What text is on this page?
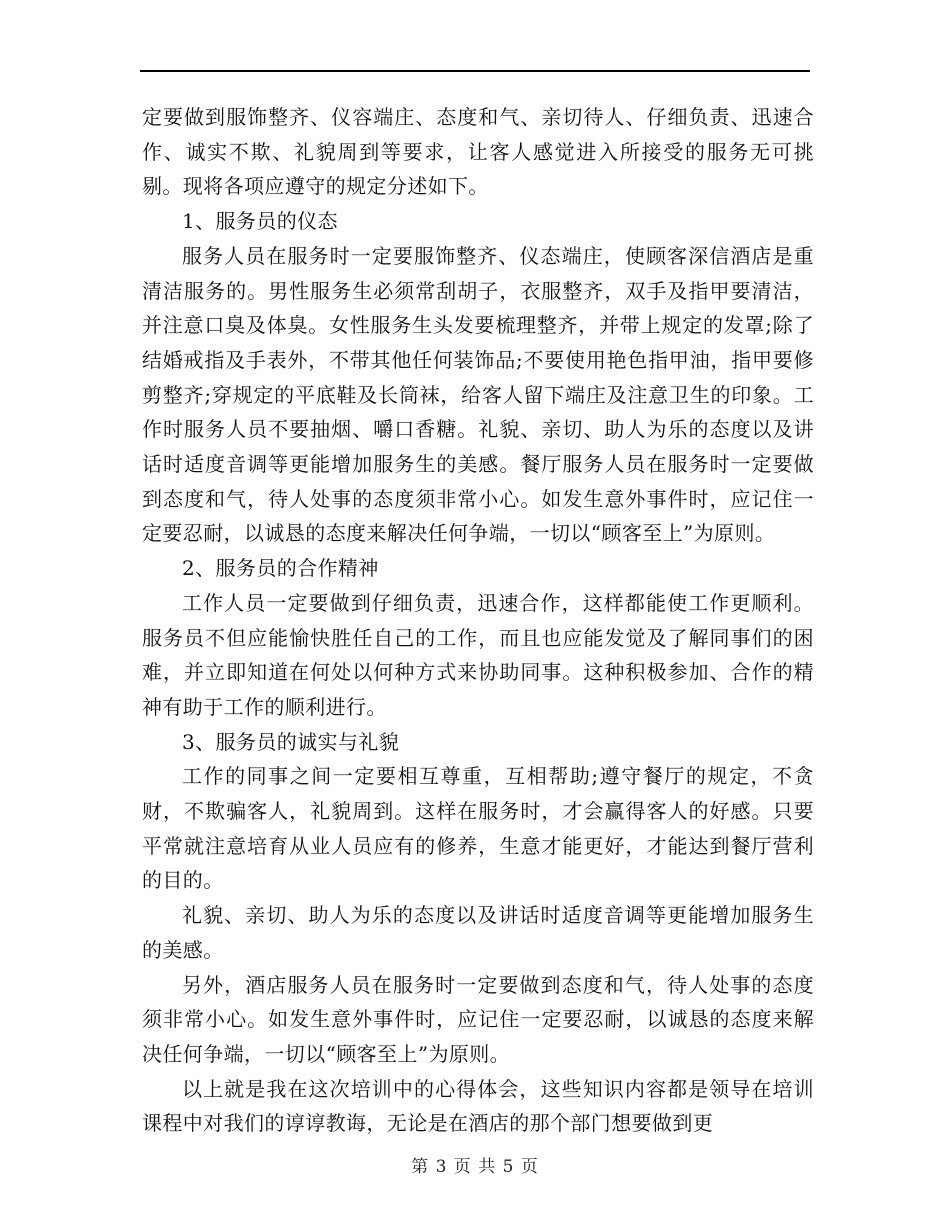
定要做到服饰整齐、仪容端庄、态度和气、亲切待人、仔细负责、迅速合作、诚实不欺、礼貌周到等要求，让客人感觉进入所接受的服务无可挑剔。现将各项应遵守的规定分述如下。

1、服务员的仪态

服务人员在服务时一定要服饰整齐、仪态端庄，使顾客深信酒店是重清洁服务的。男性服务生必须常刮胡子，衣服整齐，双手及指甲要清洁，并注意口臭及体臭。女性服务生头发要梳理整齐，并带上规定的发罩;除了结婚戒指及手表外，不带其他任何装饰品;不要使用艳色指甲油，指甲要修剪整齐;穿规定的平底鞋及长筒袜，给客人留下端庄及注意卫生的印象。工作时服务人员不要抽烟、嚼口香糖。礼貌、亲切、助人为乐的态度以及讲话时适度音调等更能增加服务生的美感。餐厅服务人员在服务时一定要做到态度和气，待人处事的态度须非常小心。如发生意外事件时，应记住一定要忍耐，以诚恳的态度来解决任何争端，一切以“顾客至上”为原则。

2、服务员的合作精神

工作人员一定要做到仔细负责，迅速合作，这样都能使工作更顺利。服务员不但应能愉快胜任自己的工作，而且也应能发觉及了解同事们的困难，并立即知道在何处以何种方式来协助同事。这种积极参加、合作的精神有助于工作的顺利进行。

3、服务员的诚实与礼貌

工作的同事之间一定要相互尊重，互相帮助;遵守餐厅的规定，不贪财，不欺骗客人，礼貌周到。这样在服务时，才会赢得客人的好感。只要平常就注意培育从业人员应有的修养，生意才能更好，才能达到餐厅营利的目的。

礼貌、亲切、助人为乐的态度以及讲话时适度音调等更能增加服务生的美感。

另外，酒店服务人员在服务时一定要做到态度和气，待人处事的态度须非常小心。如发生意外事件时，应记住一定要忍耐，以诚恳的态度来解决任何争端，一切以“顾客至上”为原则。

以上就是我在这次培训中的心得体会，这些知识内容都是领导在培训课程中对我们的谆谆教诲，无论是在酒店的那个部门想要做到更

第 3 页 共 5 页
